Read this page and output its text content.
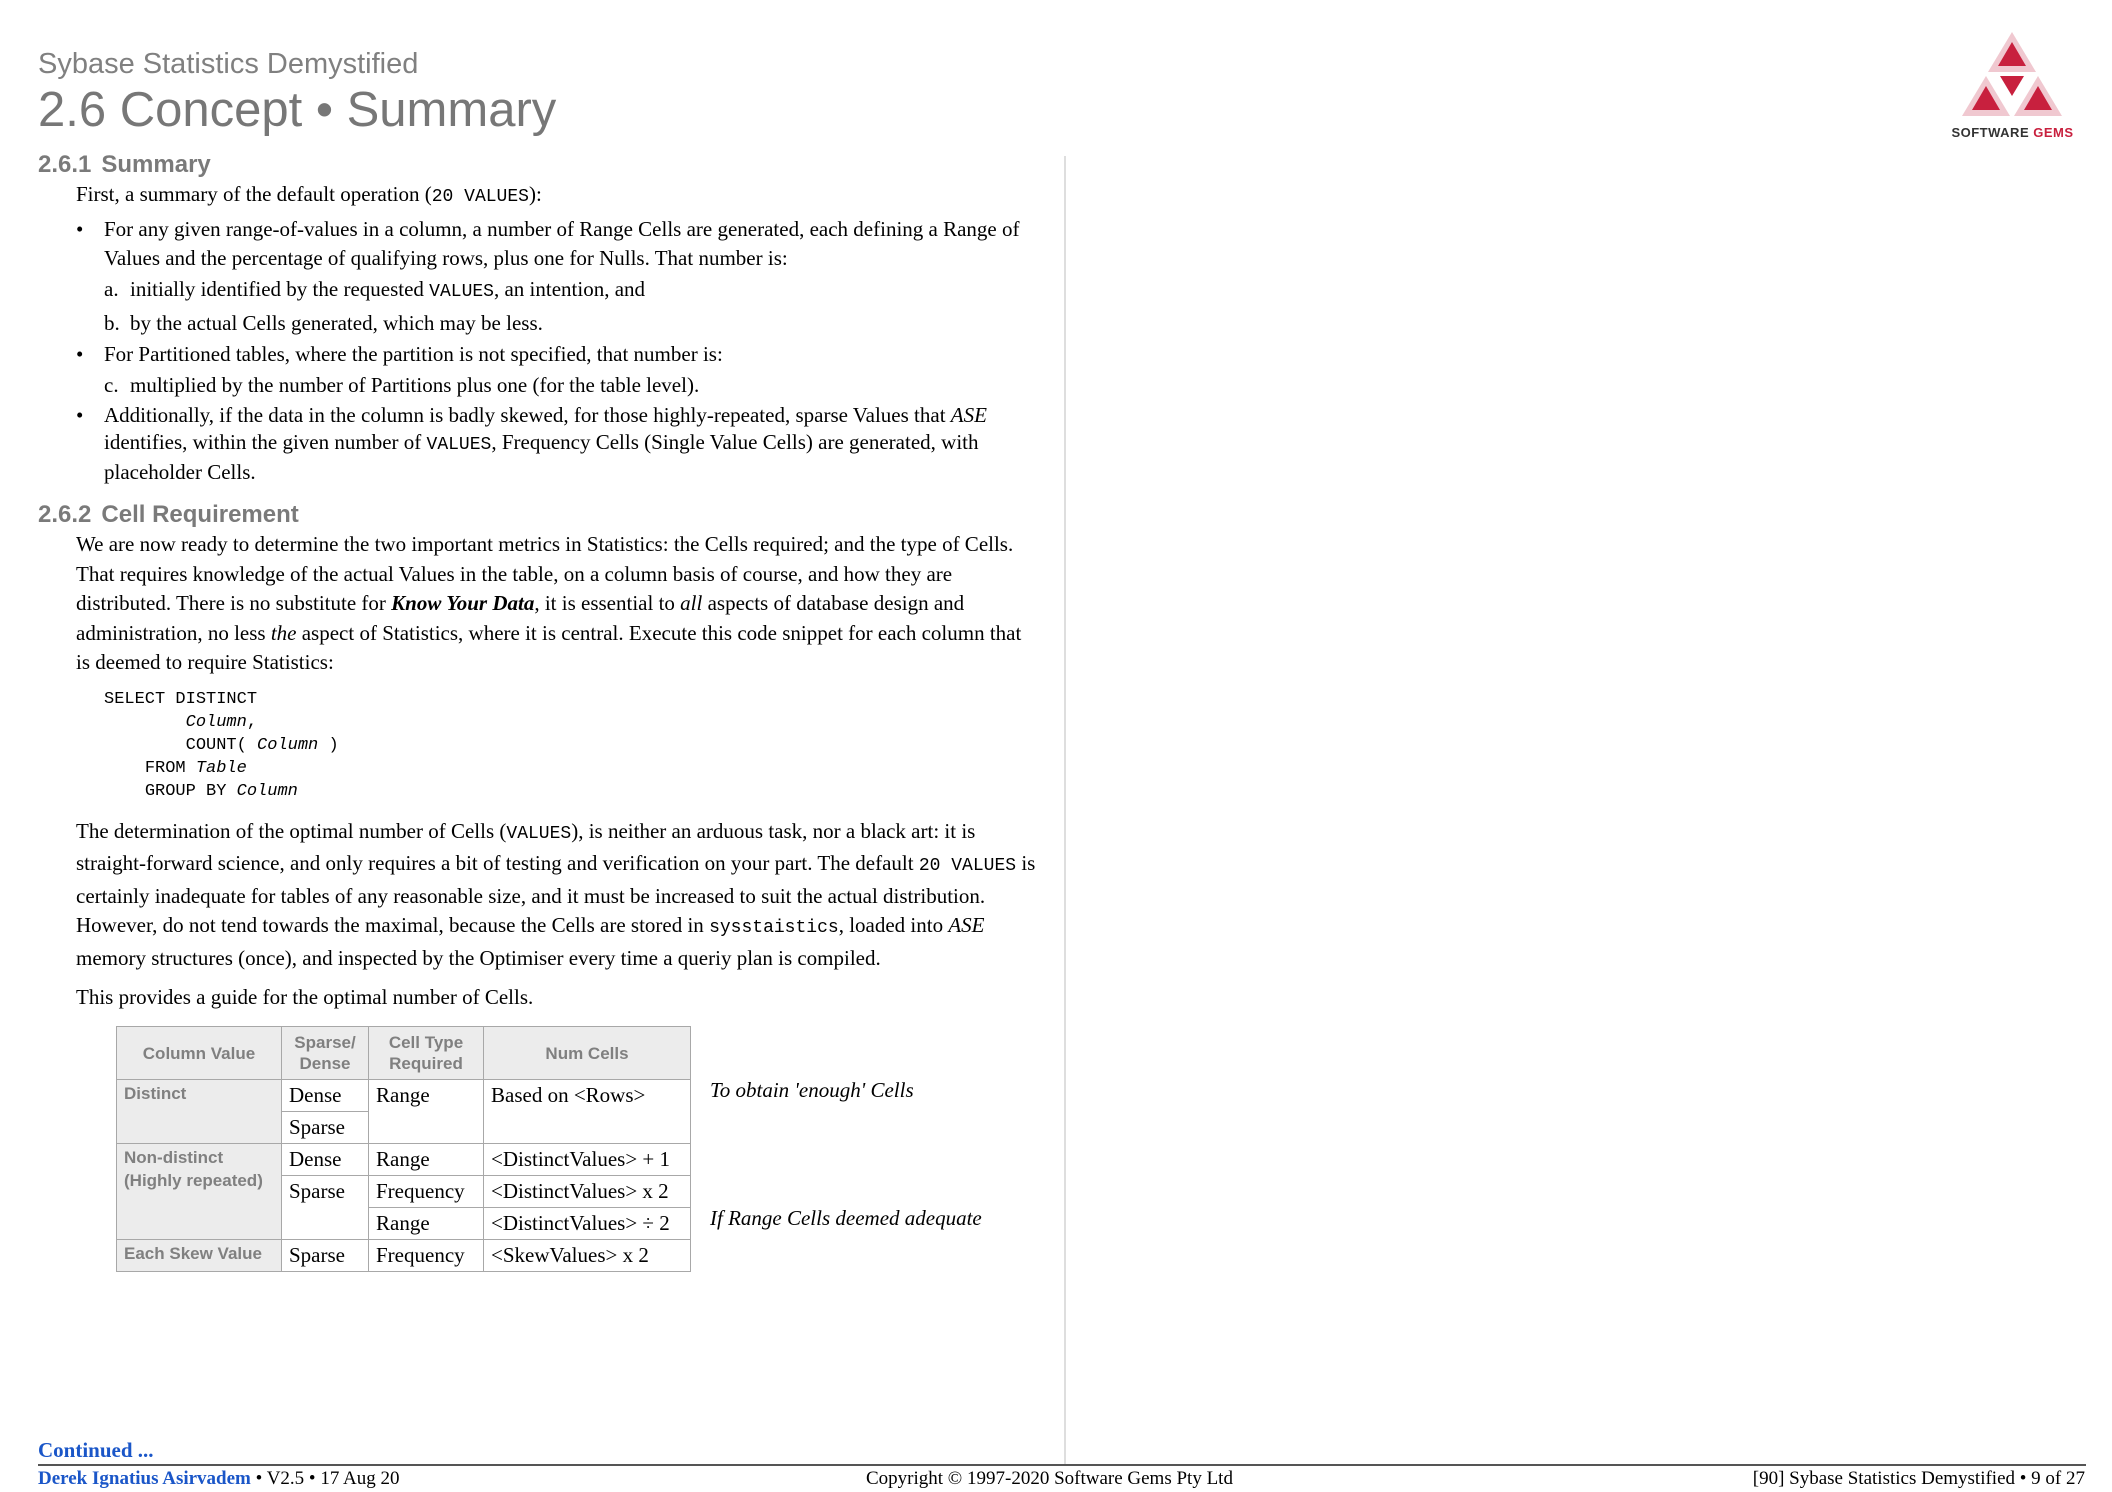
Sybase Statistics Demystified
2.6 Concept • Summary	SOFTWARE GEMS
2.6.1 Summary
First, a summary of the default operation (20 VALUES):
• For any given range-of-values in a column, a number of Range Cells are generated, each defining a Range of Values and the percentage of qualifying rows, plus one for Nulls. That number is:
a. initially identified by the requested VALUES, an intention, and
b. by the actual Cells generated, which may be less.
• For Partitioned tables, where the partition is not specified, that number is:
c. multiplied by the number of Partitions plus one (for the table level).
• Additionally, if the data in the column is badly skewed, for those highly-repeated, sparse Values that ASE identifies, within the given number of VALUES, Frequency Cells (Single Value Cells) are generated, with placeholder Cells.
2.6.2 Cell Requirement
We are now ready to determine the two important metrics in Statistics: the Cells required; and the type of Cells. That requires knowledge of the actual Values in the table, on a column basis of course, and how they are distributed. There is no substitute for Know Your Data, it is essential to all aspects of database design and administration, no less the aspect of Statistics, where it is central. Execute this code snippet for each column that is deemed to require Statistics:
SELECT DISTINCT
Column,
COUNT( Column )
FROM Table
GROUP BY Column
The determination of the optimal number of Cells (VALUES), is neither an arduous task, nor a black art: it is straight-forward science, and only requires a bit of testing and verification on your part. The default 20 VALUES is certainly inadequate for tables of any reasonable size, and it must be increased to suit the actual distribution. However, do not tend towards the maximal, because the Cells are stored in sysstaistics, loaded into ASE memory structures (once), and inspected by the Optimiser every time a queriy plan is compiled.
This provides a guide for the optimal number of Cells.
Column Value	Sparse/ Dense	Cell Type Required	Num Cells
Distinct	Dense	Range	Based on <Rows>
	Sparse		
Non-distinct (Highly repeated)	Dense	Range	<DistinctValues> + 1
	Sparse	Frequency	<DistinctValues> x 2
		Range	<DistinctValues> ÷ 2
Each Skew Value	Sparse	Frequency	<SkewValues> x 2
To obtain 'enough' Cells
If Range Cells deemed adequate
Continued ...
Derek Ignatius Asirvadem • V2.5 • 17 Aug 20	Copyright © 1997-2020 Software Gems Pty Ltd	[90] Sybase Statistics Demystified • 9 of 27
